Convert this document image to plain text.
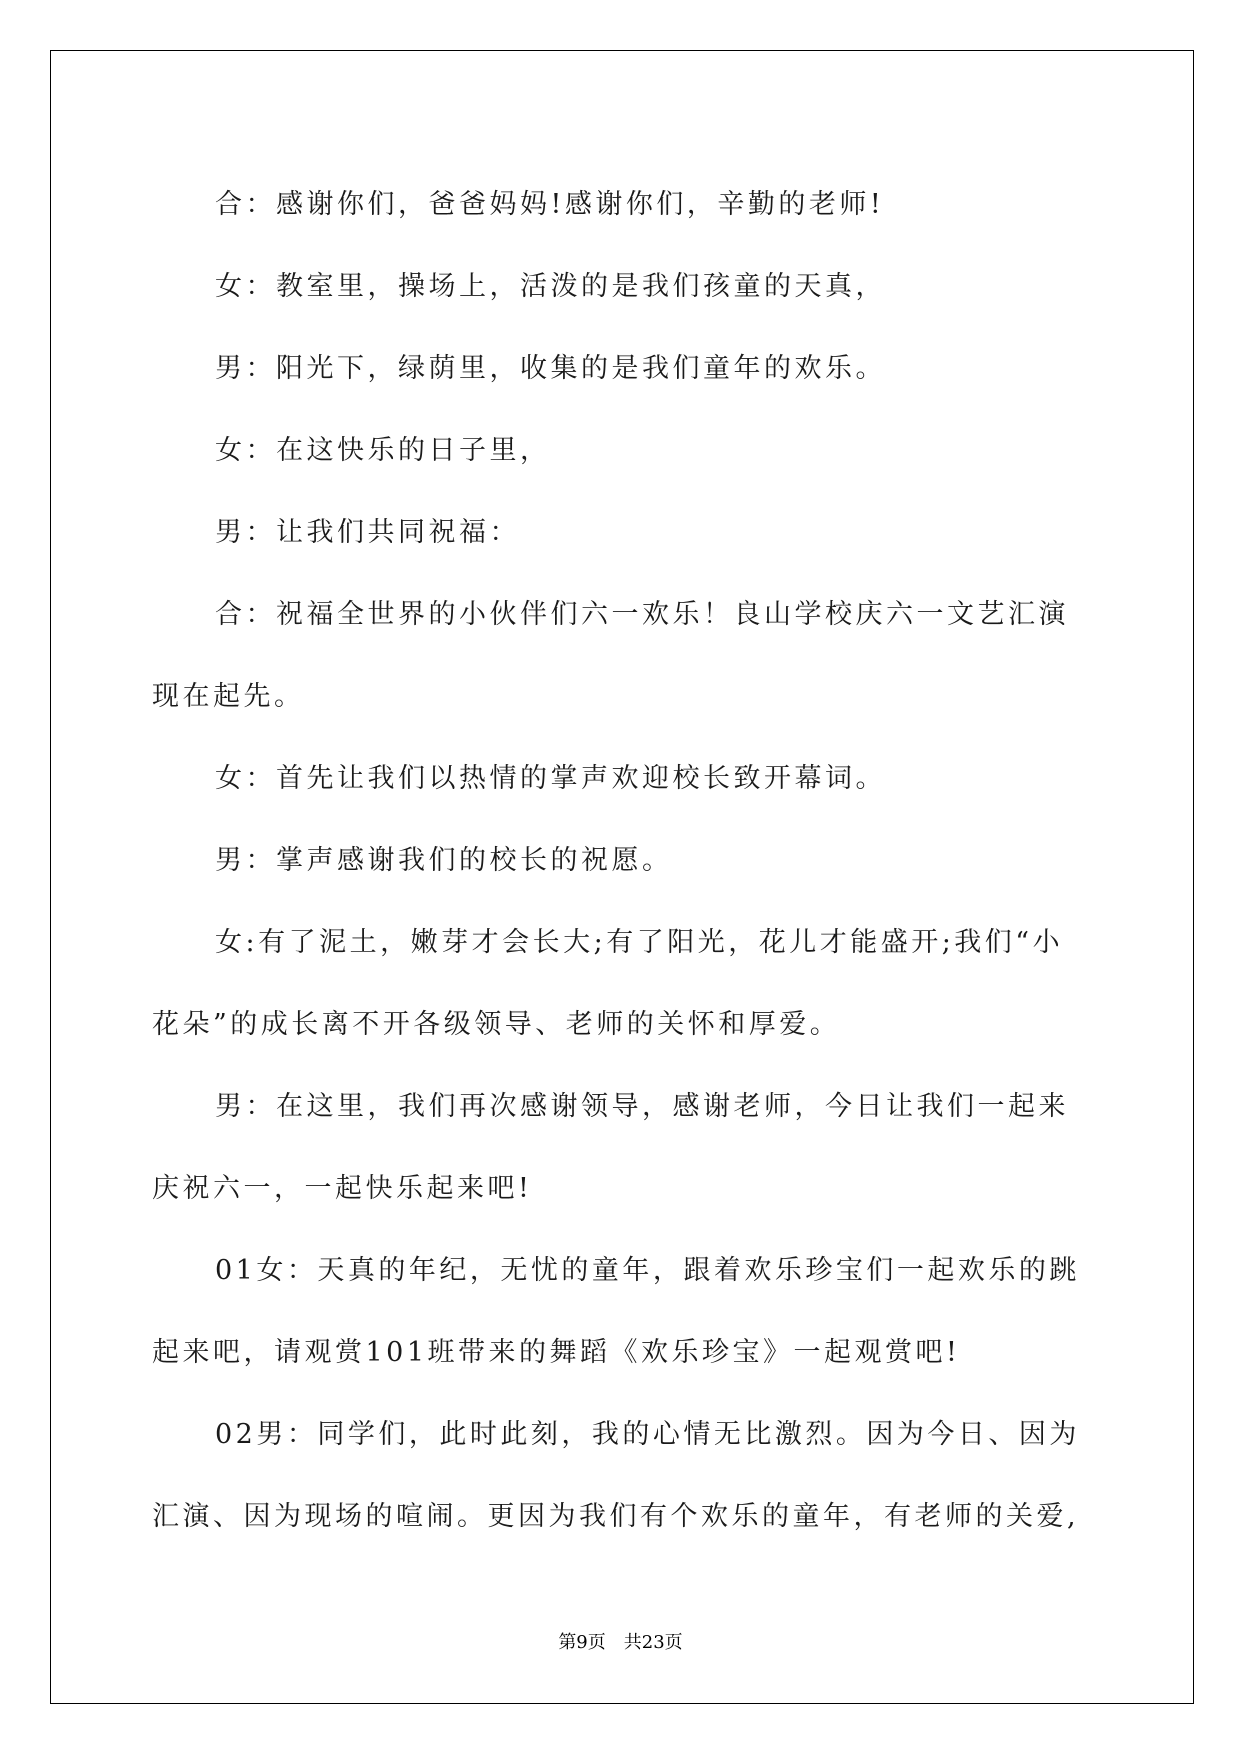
合：感谢你们，爸爸妈妈!感谢你们，辛勤的老师!

女：教室里，操场上，活泼的是我们孩童的天真，

男：阳光下，绿荫里，收集的是我们童年的欢乐。

女：在这快乐的日子里，

男：让我们共同祝福：

合：祝福全世界的小伙伴们六一欢乐！良山学校庆六一文艺汇演现在起先。

女：首先让我们以热情的掌声欢迎校长致开幕词。

男：掌声感谢我们的校长的祝愿。

女:有了泥土，嫩芽才会长大;有了阳光，花儿才能盛开;我们“小花朵”的成长离不开各级领导、老师的关怀和厚爱。

男：在这里，我们再次感谢领导，感谢老师，今日让我们一起来庆祝六一，一起快乐起来吧!

01女：天真的年纪，无忧的童年，跟着欢乐珍宝们一起欢乐的跳起来吧，请观赏101班带来的舞蹈《欢乐珍宝》一起观赏吧!

02男：同学们，此时此刻，我的心情无比激烈。因为今日、因为汇演、因为现场的喧闹。更因为我们有个欢乐的童年，有老师的关爱,

第9页 共23页
